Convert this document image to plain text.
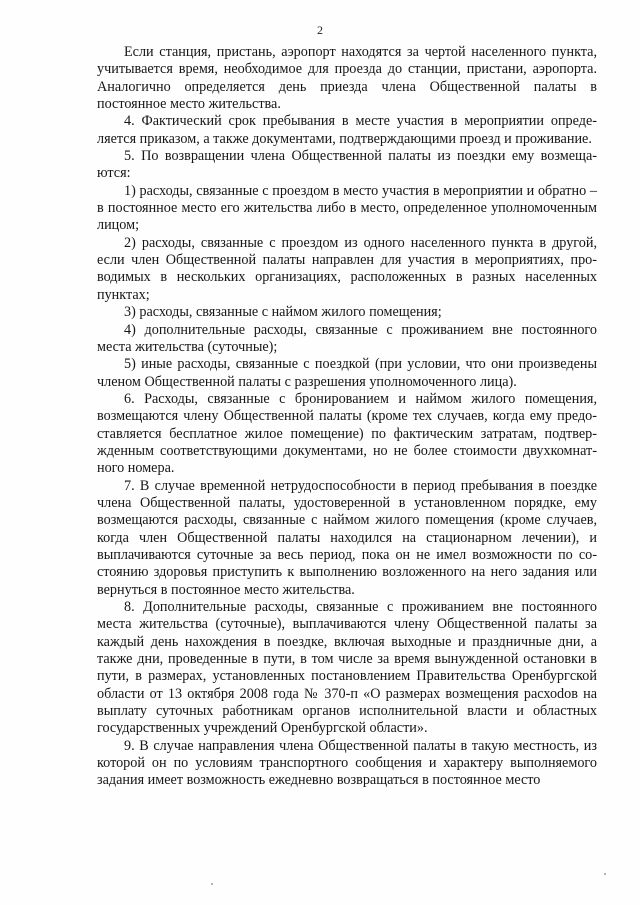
2

Если станция, пристань, аэропорт находятся за чертой населенного пункта, учитывается время, необходимое для проезда до станции, пристани, аэропорта. Аналогично определяется день приезда члена Общественной палаты в постоянное место жительства.

4. Фактический срок пребывания в месте участия в мероприятии определяется приказом, а также документами, подтверждающими проезд и проживание.

5. По возвращении члена Общественной палаты из поездки ему возмещаются:

1) расходы, связанные с проездом в место участия в мероприятии и обратно – в постоянное место его жительства либо в место, определенное уполномоченным лицом;

2) расходы, связанные с проездом из одного населенного пункта в другой, если член Общественной палаты направлен для участия в мероприятиях, проводимых в нескольких организациях, расположенных в разных населенных пунктах;

3) расходы, связанные с наймом жилого помещения;

4) дополнительные расходы, связанные с проживанием вне постоянного места жительства (суточные);

5) иные расходы, связанные с поездкой (при условии, что они произведены членом Общественной палаты с разрешения уполномоченного лица).

6. Расходы, связанные с бронированием и наймом жилого помещения, возмещаются члену Общественной палаты (кроме тех случаев, когда ему предоставляется бесплатное жилое помещение) по фактическим затратам, подтвержденным соответствующими документами, но не более стоимости двухкомнатного номера.

7. В случае временной нетрудоспособности в период пребывания в поездке члена Общественной палаты, удостоверенной в установленном порядке, ему возмещаются расходы, связанные с наймом жилого помещения (кроме случаев, когда член Общественной палаты находился на стационарном лечении), и выплачиваются суточные за весь период, пока он не имел возможности по состоянию здоровья приступить к выполнению возложенного на него задания или вернуться в постоянное место жительства.

8. Дополнительные расходы, связанные с проживанием вне постоянного места жительства (суточные), выплачиваются члену Общественной палаты за каждый день нахождения в поездке, включая выходные и праздничные дни, а также дни, проведенные в пути, в том числе за время вынужденной остановки в пути, в размерах, установленных постановлением Правительства Оренбургской области от 13 октября 2008 года № 370-п «О размерах возмещения расхоdов на выплату суточных работникам органов исполнительной власти и областных государственных учреждений Оренбургской области».

9. В случае направления члена Общественной палаты в такую местность, из которой он по условиям транспортного сообщения и характеру выполняемого задания имеет возможность ежедневно возвращаться в постоянное место
